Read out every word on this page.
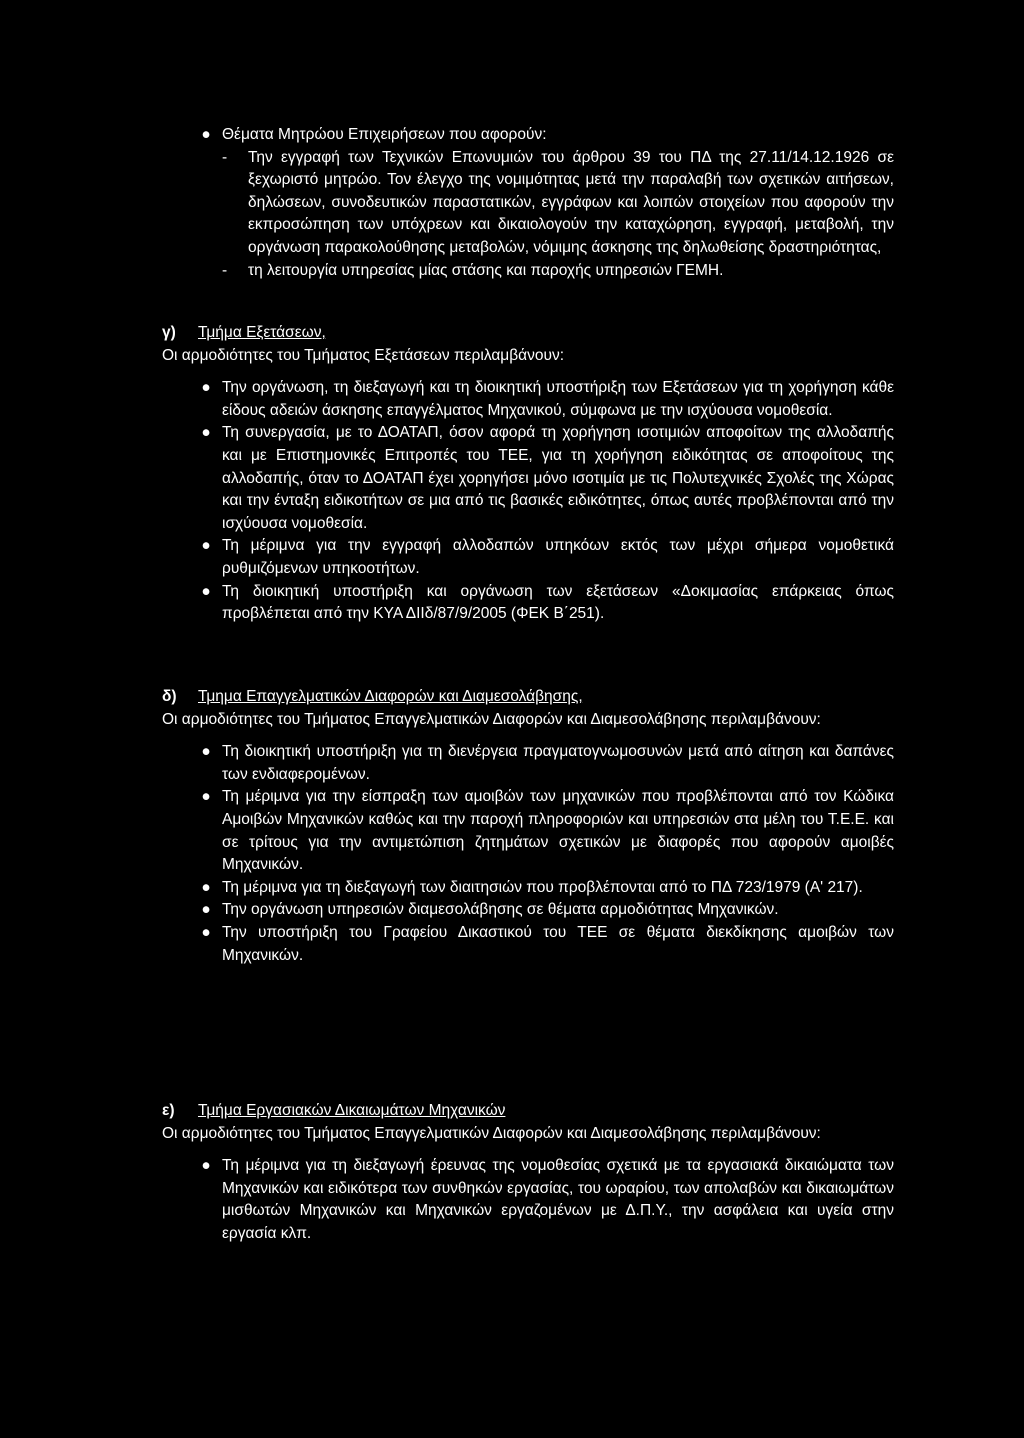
● Θέματα Μητρώου Επιχειρήσεων που αφορούν:
- Την εγγραφή των Τεχνικών Επωνυμιών του άρθρου 39 του ΠΔ της 27.11/14.12.1926 σε ξεχωριστό μητρώο. Τον έλεγχο της νομιμότητας μετά την παραλαβή των σχετικών αιτήσεων, δηλώσεων, συνοδευτικών παραστατικών, εγγράφων και λοιπών στοιχείων που αφορούν την εκπροσώπηση των υπόχρεων και δικαιολογούν την καταχώρηση, εγγραφή, μεταβολή, την οργάνωση παρακολούθησης μεταβολών, νόμιμης άσκησης της δηλωθείσης δραστηριότητας,
- τη λειτουργία υπηρεσίας μίας στάσης και παροχής υπηρεσιών ΓΕΜΗ.
γ) Τμήμα Εξετάσεων,
Οι αρμοδιότητες του Τμήματος Εξετάσεων περιλαμβάνουν:
● Την οργάνωση, τη διεξαγωγή και τη διοικητική υποστήριξη των Εξετάσεων για τη χορήγηση κάθε είδους αδειών άσκησης επαγγέλματος Μηχανικού, σύμφωνα με την ισχύουσα νομοθεσία.
● Τη συνεργασία, με το ΔΟΑΤΑΠ, όσον αφορά τη χορήγηση ισοτιμιών αποφοίτων της αλλοδαπής και με Επιστημονικές Επιτροπές του ΤΕΕ, για τη χορήγηση ειδικότητας σε αποφοίτους της αλλοδαπής, όταν το ΔΟΑΤΑΠ έχει χορηγήσει μόνο ισοτιμία με τις Πολυτεχνικές Σχολές της Χώρας και την ένταξη ειδικοτήτων σε μια από τις βασικές ειδικότητες, όπως αυτές προβλέπονται από την ισχύουσα νομοθεσία.
● Τη μέριμνα για την εγγραφή αλλοδαπών υπηκόων εκτός των μέχρι σήμερα νομοθετικά ρυθμιζόμενων υπηκοοτήτων.
● Τη διοικητική υποστήριξη και οργάνωση των εξετάσεων «Δοκιμασίας επάρκειας όπως προβλέπεται από την ΚΥΑ ΔΙΙδ/87/9/2005 (ΦΕΚ Β΄251).
δ) Τμημα Επαγγελματικών Διαφορών και Διαμεσολάβησης,
Οι αρμοδιότητες του Τμήματος Επαγγελματικών Διαφορών και Διαμεσολάβησης περιλαμβάνουν:
● Τη διοικητική υποστήριξη για τη διενέργεια πραγματογνωμοσυνών μετά από αίτηση και δαπάνες των ενδιαφερομένων.
● Τη μέριμνα για την είσπραξη των αμοιβών των μηχανικών που προβλέπονται από τον Κώδικα Αμοιβών Μηχανικών καθώς και την παροχή πληροφοριών και υπηρεσιών στα μέλη του Τ.Ε.Ε. και σε τρίτους για την αντιμετώπιση ζητημάτων σχετικών με διαφορές που αφορούν αμοιβές Μηχανικών.
● Τη μέριμνα για τη διεξαγωγή των διαιτησιών που προβλέπονται από το ΠΔ 723/1979 (Α' 217).
● Την οργάνωση υπηρεσιών διαμεσολάβησης σε θέματα αρμοδιότητας Μηχανικών.
● Την υποστήριξη του Γραφείου Δικαστικού του ΤΕΕ σε θέματα διεκδίκησης αμοιβών των Μηχανικών.
ε) Τμήμα Εργασιακών Δικαιωμάτων Μηχανικών
Οι αρμοδιότητες του Τμήματος Επαγγελματικών Διαφορών και Διαμεσολάβησης περιλαμβάνουν:
● Τη μέριμνα για τη διεξαγωγή έρευνας της νομοθεσίας σχετικά με τα εργασιακά δικαιώματα των Μηχανικών και ειδικότερα των συνθηκών εργασίας, του ωραρίου, των απολαβών και δικαιωμάτων μισθωτών Μηχανικών και Μηχανικών εργαζομένων με Δ.Π.Υ., την ασφάλεια και υγεία στην εργασία κλπ.
